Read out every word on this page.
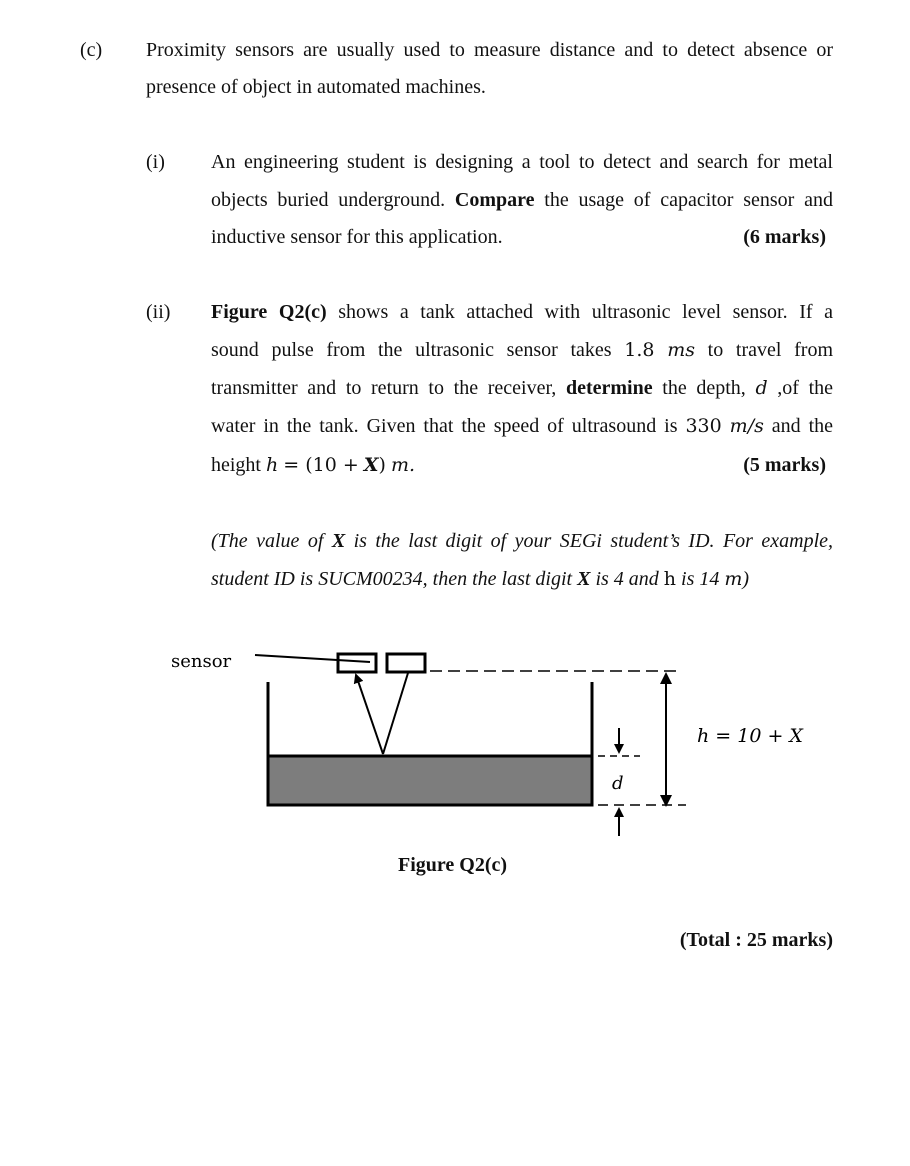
(c) Proximity sensors are usually used to measure distance and to detect absence or
presence of object in automated machines.
(i) An engineering student is designing a tool to detect and search for metal
objects buried underground. Compare the usage of capacitor sensor and
inductive sensor for this application.	(6 marks)
(ii) Figure Q2(c) shows a tank attached with ultrasonic level sensor. If a
sound pulse from the ultrasonic sensor takes 1.8 ms to travel from
transmitter and to return to the receiver, determine the depth, d ,of the
water in the tank. Given that the speed of ultrasound is 330 m/s and the
height h = (10 + X) m.	(5 marks)
(The value of X is the last digit of your SEGi student’s ID. For example,
student ID is SUCM00234, then the last digit X is 4 and h is 14 m)
sensor
h = 10 + X
d
Figure Q2(c)
(Total : 25 marks)
